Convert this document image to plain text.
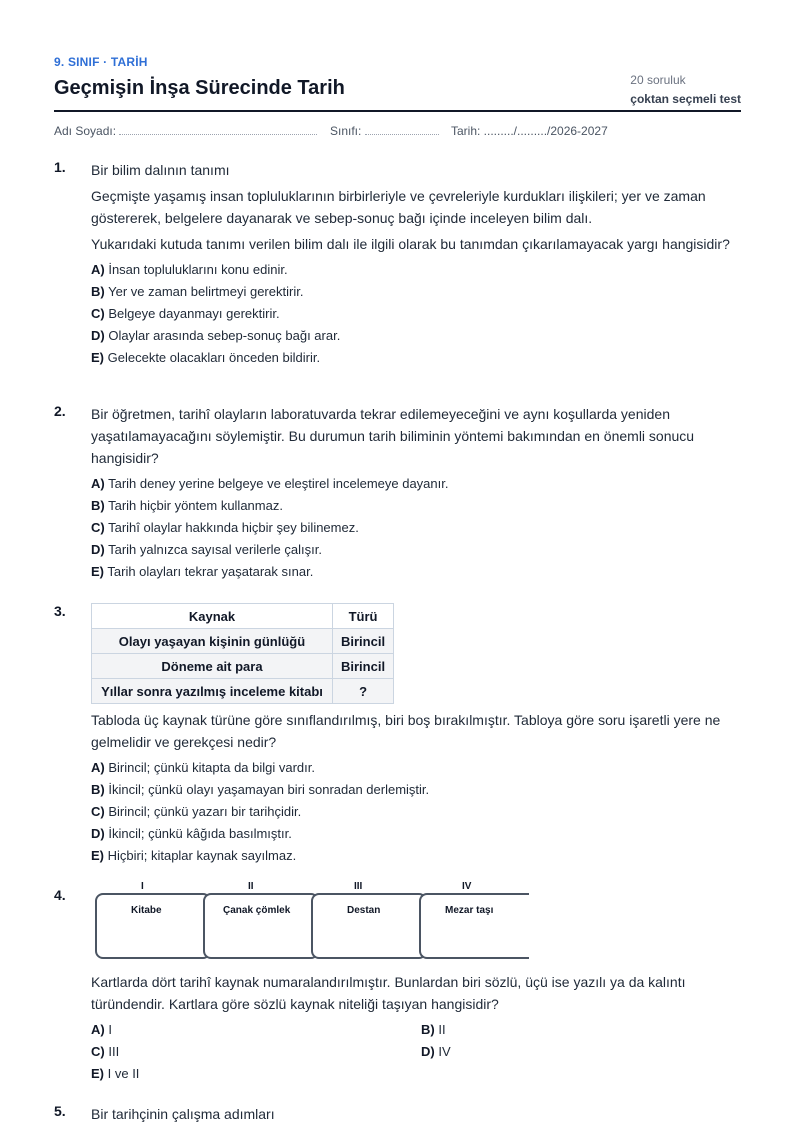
9. SINIF · TARİH
Geçmişin İnşa Sürecinde Tarih	20 soruluk
çoktan seçmeli test
Adı Soyadı:	Sınıfı:	Tarih: ........./........./2026-2027
1. Bir bilim dalının tanımı
Geçmişte yaşamış insan topluluklarının birbirleriyle ve çevreleriyle kurdukları ilişkileri; yer ve zaman göstererek, belgelere dayanarak ve sebep-sonuç bağı içinde inceleyen bilim dalı.
Yukarıdaki kutuda tanımı verilen bilim dalı ile ilgili olarak bu tanımdan çıkarılamayacak yargı hangisidir?
A) İnsan topluluklarını konu edinir.
B) Yer ve zaman belirtmeyi gerektirir.
C) Belgeye dayanmayı gerektirir.
D) Olaylar arasında sebep-sonuç bağı arar.
E) Gelecekte olacakları önceden bildirir.
2. Bir öğretmen, tarihî olayların laboratuvarda tekrar edilemeyeceğini ve aynı koşullarda yeniden yaşatılamayacağını söylemiştir. Bu durumun tarih biliminin yöntemi bakımından en önemli sonucu hangisidir?
A) Tarih deney yerine belgeye ve eleştirel incelemeye dayanır.
B) Tarih hiçbir yöntem kullanmaz.
C) Tarihî olaylar hakkında hiçbir şey bilinemez.
D) Tarih yalnızca sayısal verilerle çalışır.
E) Tarih olayları tekrar yaşatarak sınar.
3.	Kaynak	Türü
Olayı yaşayan kişinin günlüğü	Birincil
Döneme ait para	Birincil
Yıllar sonra yazılmış inceleme kitabı	?
Tabloda üç kaynak türüne göre sınıflandırılmış, biri boş bırakılmıştır. Tabloya göre soru işaretli yere ne gelmelidir ve gerekçesi nedir?
A) Birincil; çünkü kitapta da bilgi vardır.
B) İkincil; çünkü olayı yaşamayan biri sonradan derlemiştir.
C) Birincil; çünkü yazarı bir tarihçidir.
D) İkincil; çünkü kâğıda basılmıştır.
E) Hiçbiri; kitaplar kaynak sayılmaz.
4.
I	II	III	IV
Kitabe	Çanak çömlek	Destan	Mezar taşı
Kartlarda dört tarihî kaynak numaralandırılmıştır. Bunlardan biri sözlü, üçü ise yazılı ya da kalıntı türündendir. Kartlara göre sözlü kaynak niteliği taşıyan hangisidir?
A) I	B) II
C) III	D) IV
E) I ve II
5. Bir tarihçinin çalışma adımları
